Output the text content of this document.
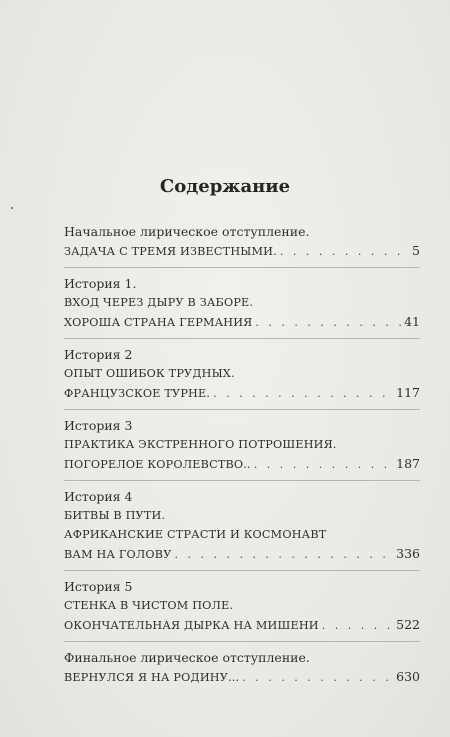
Содержание
Начальное лирическое отступление.
ЗАДАЧА С ТРЕМЯ ИЗВЕСТНЫМИ. . . .	5
История 1.
ВХОД ЧЕРЕЗ ДЫРУ В ЗАБОРЕ.
ХОРОША СТРАНА ГЕРМАНИЯ . . .	41
История 2
ОПЫТ ОШИБОК ТРУДНЫХ.
ФРАНЦУЗСКОЕ ТУРНЕ. . . .	117
История 3
ПРАКТИКА ЭКСТРЕННОГО ПОТРОШЕНИЯ.
ПОГОРЕЛОЕ КОРОЛЕВСТВО.. . . .	187
История 4
БИТВЫ В ПУТИ.
АФРИКАНСКИЕ СТРАСТИ И КОСМОНАВТ
ВАМ НА ГОЛОВУ . . .	336
История 5
СТЕНКА В ЧИСТОМ ПОЛЕ.
ОКОНЧАТЕЛЬНАЯ ДЫРКА НА МИШЕНИ . . .	522
Финальное лирическое отступление.
ВЕРНУЛСЯ Я НА РОДИНУ... . . .	630
